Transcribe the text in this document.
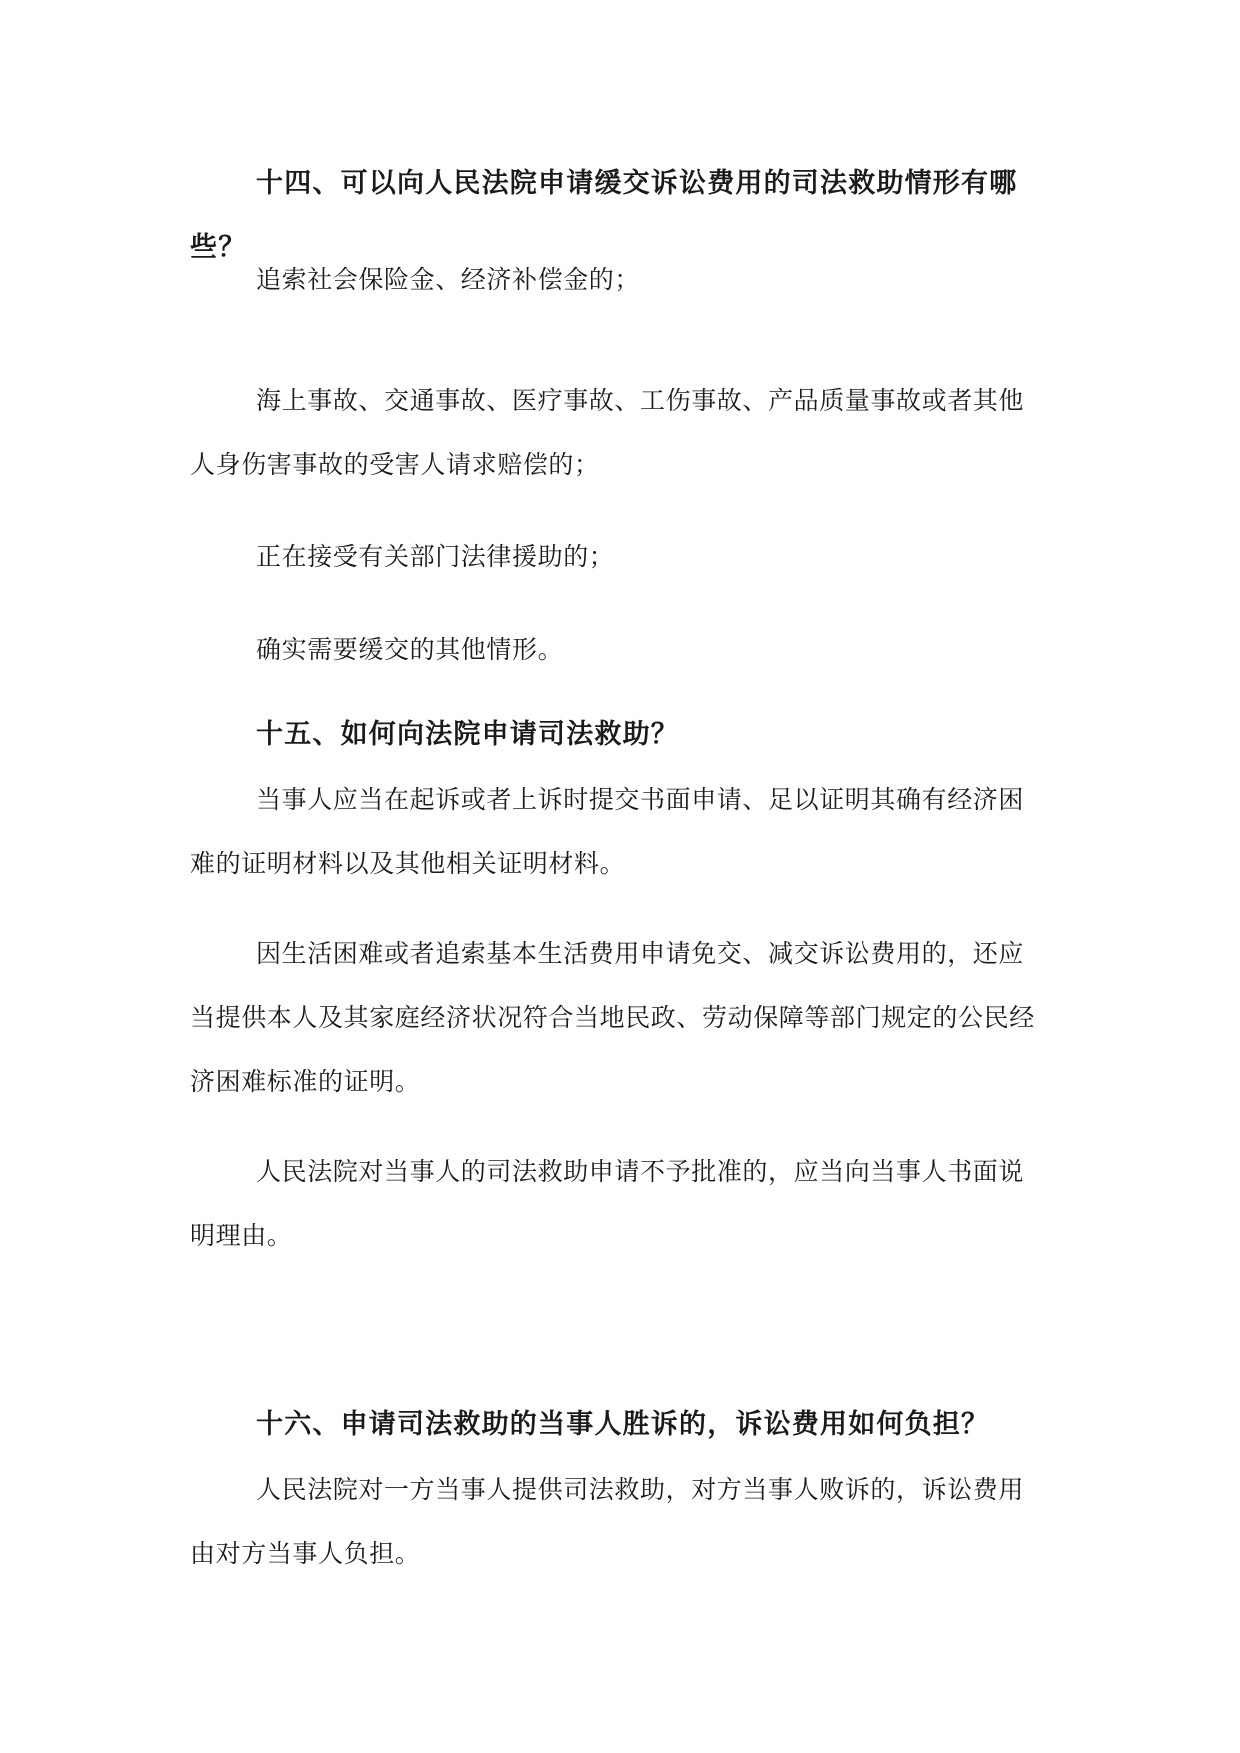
十四、可以向人民法院申请缓交诉讼费用的司法救助情形有哪些？

追索社会保险金、经济补偿金的；

海上事故、交通事故、医疗事故、工伤事故、产品质量事故或者其他人身伤害事故的受害人请求赔偿的；

正在接受有关部门法律援助的；

确实需要缓交的其他情形。

十五、如何向法院申请司法救助？

当事人应当在起诉或者上诉时提交书面申请、足以证明其确有经济困难的证明材料以及其他相关证明材料。

因生活困难或者追索基本生活费用申请免交、减交诉讼费用的，还应当提供本人及其家庭经济状况符合当地民政、劳动保障等部门规定的公民经济困难标准的证明。

人民法院对当事人的司法救助申请不予批准的，应当向当事人书面说明理由。

十六、申请司法救助的当事人胜诉的，诉讼费用如何负担？

人民法院对一方当事人提供司法救助，对方当事人败诉的，诉讼费用由对方当事人负担。
